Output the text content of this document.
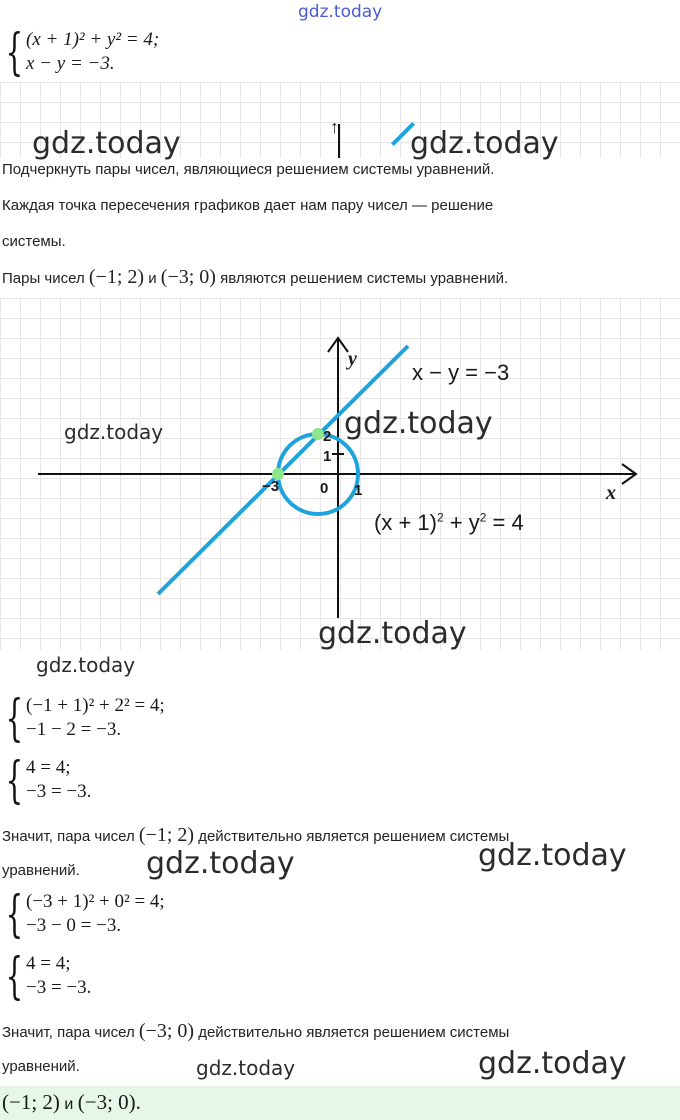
gdz.today
{ (x + 1)² + y² = 4;
x − y = −3.
↑
gdz.today	gdz.today
Подчеркнуть пары чисел, являющиеся решением системы уравнений.
Каждая точка пересечения графиков дает нам пару чисел — решение
системы.
Пары чисел (−1; 2) и (−3; 0) являются решением системы уравнений.
y
x
x − y = −3
$(x + 1)^2 + y^2 = 4$
2
1
0 1
−3
gdz.today	gdz.today
gdz.today
gdz.today
{ (−1 + 1)² + 2² = 4;
−1 − 2 = −3.
{ 4 = 4;
−3 = −3.
Значит, пара чисел (−1; 2) действительно является решением системы
уравнений. gdz.today	gdz.today
{ (−3 + 1)² + 0² = 4;
−3 − 0 = −3.
{ 4 = 4;
−3 = −3.
Значит, пара чисел (−3; 0) действительно является решением системы
уравнений.	gdz.today	gdz.today
(−1; 2) и (−3; 0).
